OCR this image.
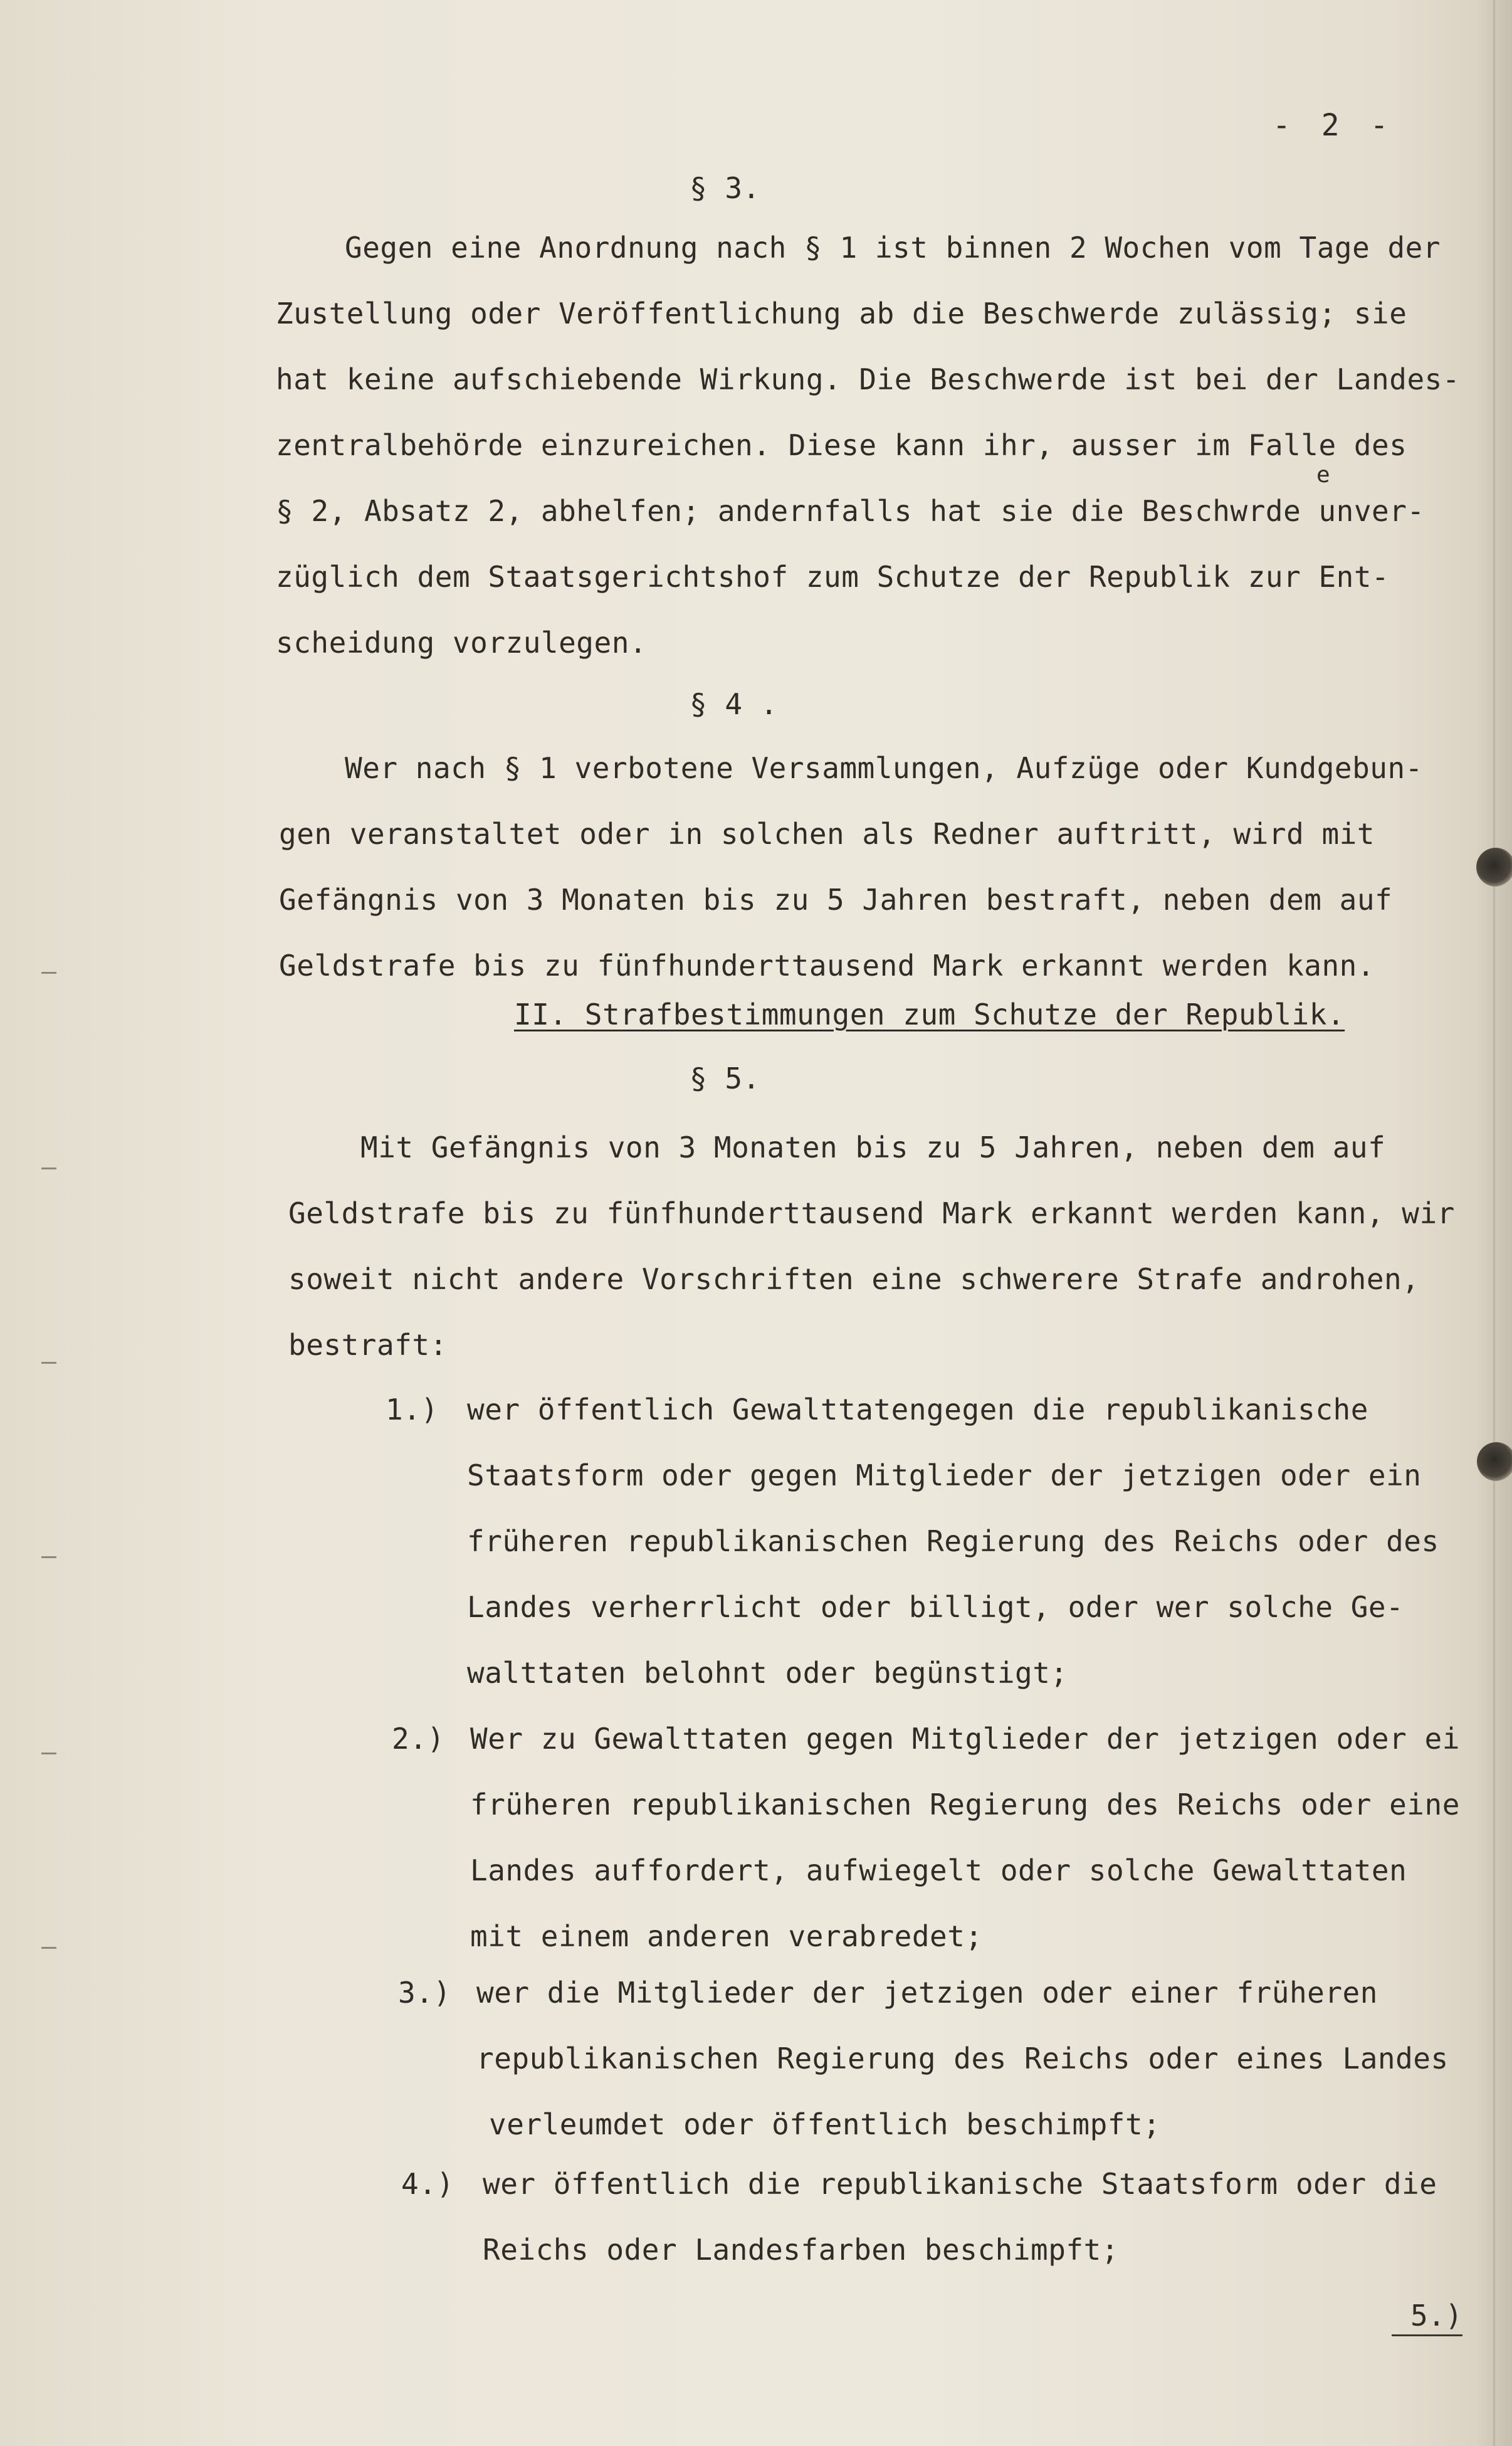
- 2 -
§ 3.
Gegen eine Anordnung nach § 1 ist binnen 2 Wochen vom Tage der
Zustellung oder Veröffentlichung ab die Beschwerde zulässig; sie
hat keine aufschiebende Wirkung. Die Beschwerde ist bei der Landes-
zentralbehörde einzureichen. Diese kann ihr, ausser im Falle des
e
§ 2, Absatz 2, abhelfen; andernfalls hat sie die Beschwrde unver-
züglich dem Staatsgerichtshof zum Schutze der Republik zur Ent-
scheidung vorzulegen.
§ 4 .
Wer nach § 1 verbotene Versammlungen, Aufzüge oder Kundgebun-
gen veranstaltet oder in solchen als Redner auftritt, wird mit
Gefängnis von 3 Monaten bis zu 5 Jahren bestraft, neben dem auf
Geldstrafe bis zu fünfhunderttausend Mark erkannt werden kann.
II. Strafbestimmungen zum Schutze der Republik.
§ 5.
Mit Gefängnis von 3 Monaten bis zu 5 Jahren, neben dem auf
Geldstrafe bis zu fünfhunderttausend Mark erkannt werden kann, wir
soweit nicht andere Vorschriften eine schwerere Strafe androhen,
bestraft:
1.) wer öffentlich Gewalttatengegen die republikanische
Staatsform oder gegen Mitglieder der jetzigen oder ein
früheren republikanischen Regierung des Reichs oder des
Landes verherrlicht oder billigt, oder wer solche Ge-
walttaten belohnt oder begünstigt;
2.) Wer zu Gewalttaten gegen Mitglieder der jetzigen oder ei
früheren republikanischen Regierung des Reichs oder eine
Landes auffordert, aufwiegelt oder solche Gewalttaten
mit einem anderen verabredet;
3.) wer die Mitglieder der jetzigen oder einer früheren
republikanischen Regierung des Reichs oder eines Landes
verleumdet oder öffentlich beschimpft;
4.) wer öffentlich die republikanische Staatsform oder die
Reichs oder Landesfarben beschimpft;
5.)
